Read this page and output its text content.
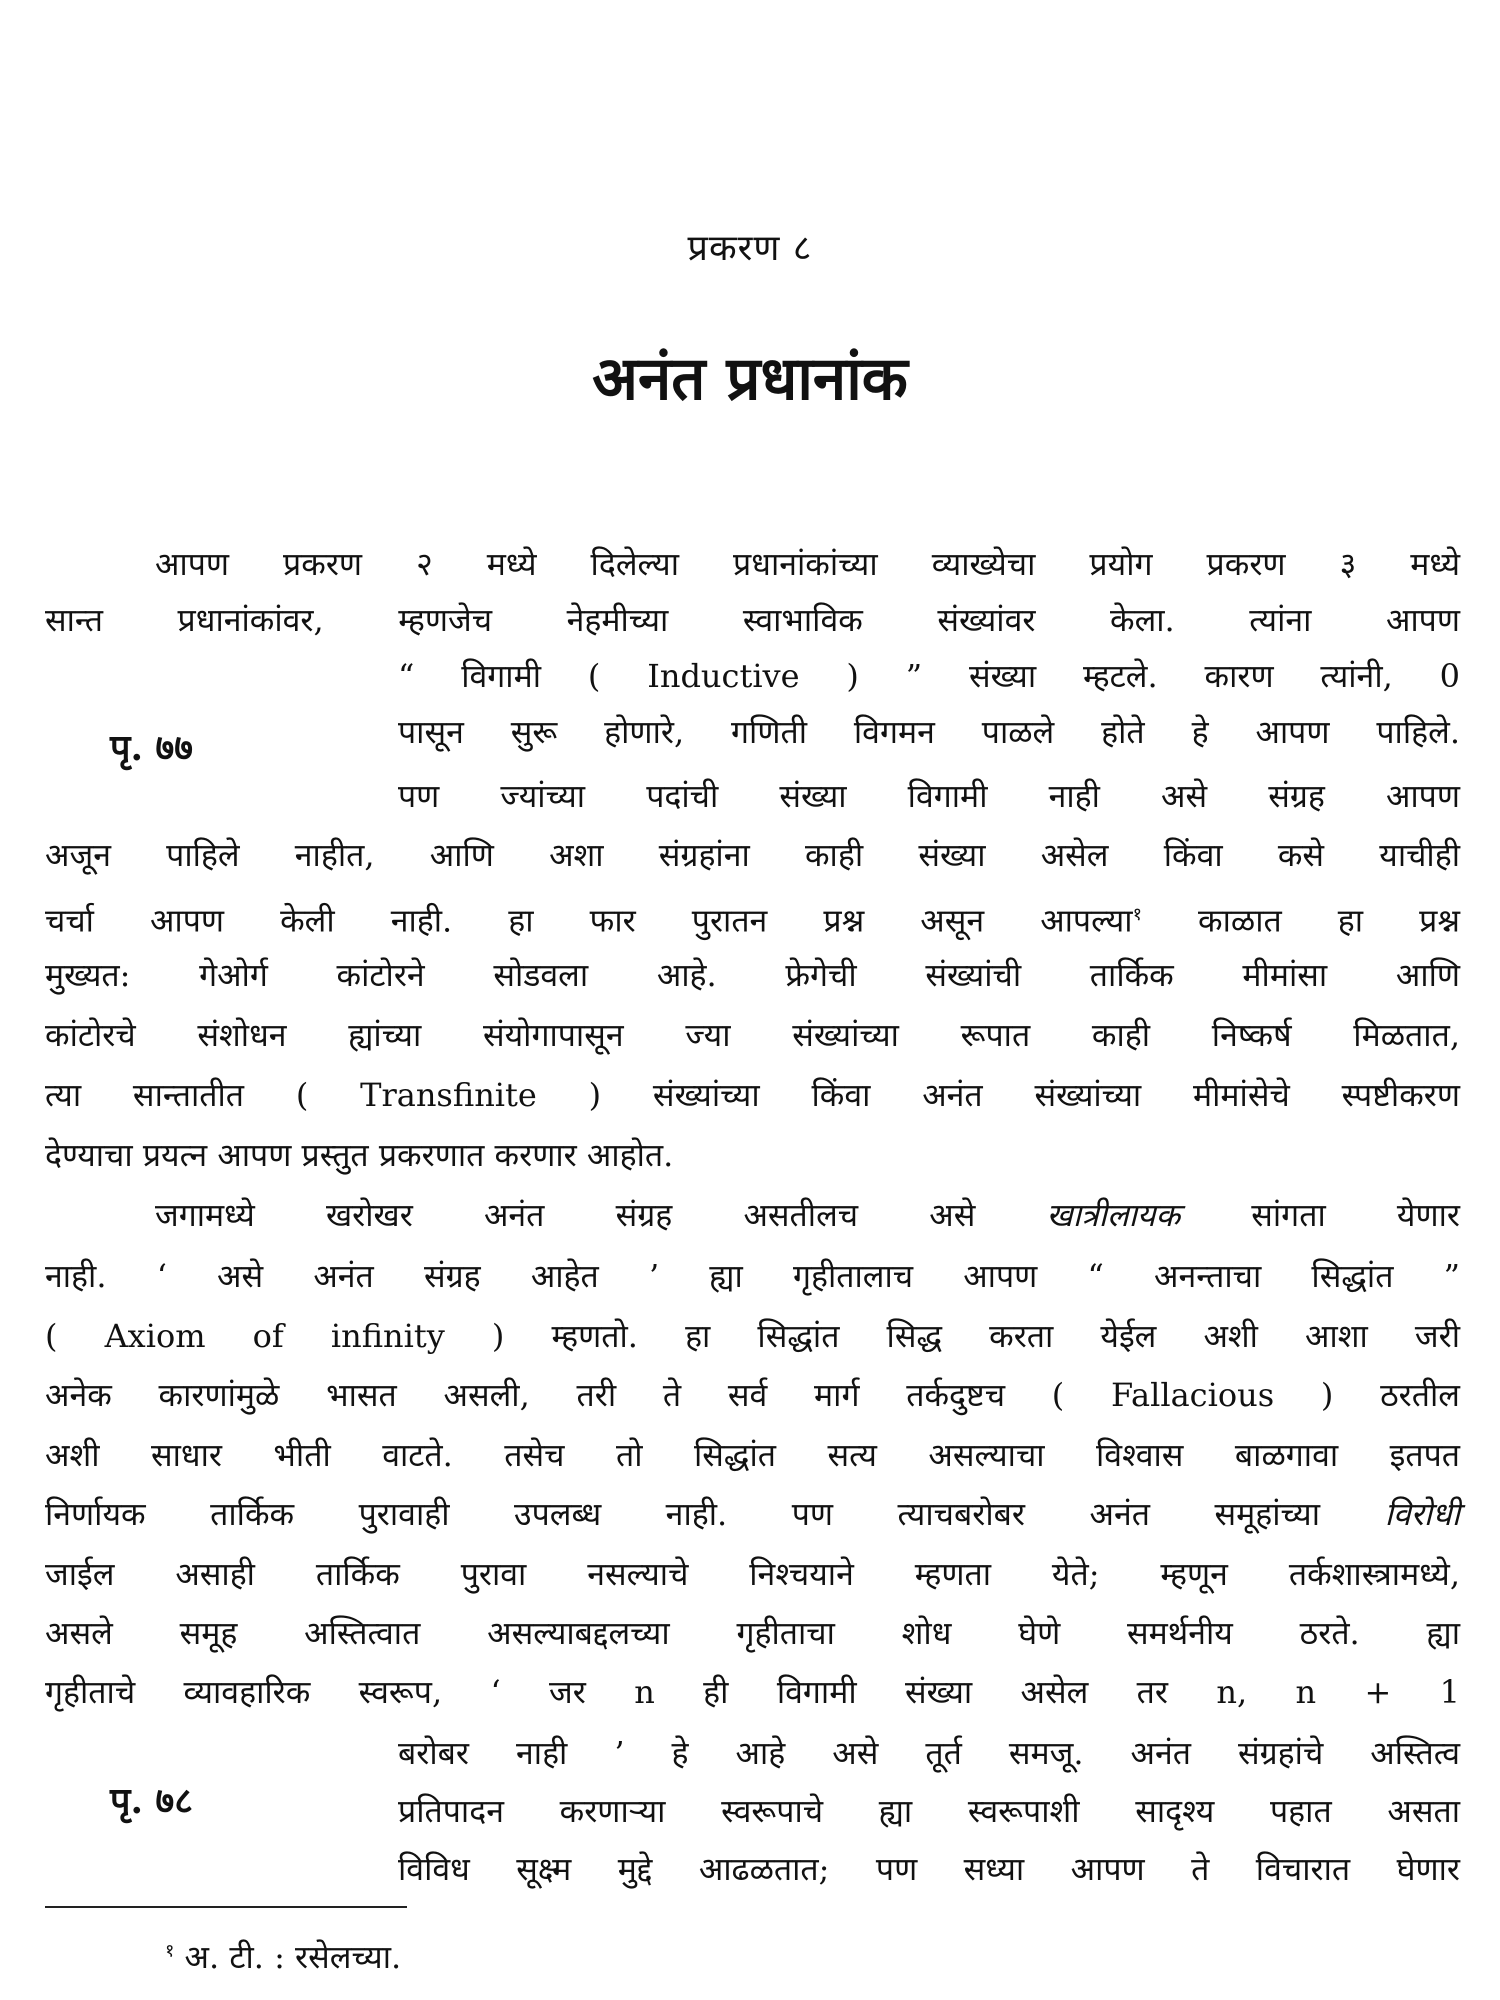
प्रकरण ८
अनंत प्रधानांक
पृ. ७७
पृ. ७८
आपण प्रकरण २ मध्ये दिलेल्या प्रधानांकांच्या व्याख्येचा प्रयोग प्रकरण ३ मध्ये
सान्त प्रधानांकांवर, म्हणजेच नेहमीच्या स्वाभाविक संख्यांवर केला. त्यांना आपण
“ विगामी ( Inductive ) ” संख्या म्हटले. कारण त्यांनी, 0
पासून सुरू होणारे, गणिती विगमन पाळले होते हे आपण पाहिले.
पण ज्यांच्या पदांची संख्या विगामी नाही असे संग्रह आपण
अजून पाहिले नाहीत, आणि अशा संग्रहांना काही संख्या असेल किंवा कसे याचीही
चर्चा आपण केली नाही. हा फार पुरातन प्रश्न असून आपल्या$^१$ काळात हा प्रश्न
मुख्यत: गेओर्ग कांटोरने सोडवला आहे. फ्रेगेची संख्यांची तार्किक मीमांसा आणि
कांटोरचे संशोधन ह्यांच्या संयोगापासून ज्या संख्यांच्या रूपात काही निष्कर्ष मिळतात,
त्या सान्तातीत ( Transfinite ) संख्यांच्या किंवा अनंत संख्यांच्या मीमांसेचे स्पष्टीकरण
देण्याचा प्रयत्न आपण प्रस्तुत प्रकरणात करणार आहोत.
जगामध्ये खरोखर अनंत संग्रह असतीलच असे खात्रीलायक सांगता येणार
नाही. ‘ असे अनंत संग्रह आहेत ’ ह्या गृहीतालाच आपण “ अनन्ताचा सिद्धांत ”
( Axiom of infinity ) म्हणतो. हा सिद्धांत सिद्ध करता येईल अशी आशा जरी
अनेक कारणांमुळे भासत असली, तरी ते सर्व मार्ग तर्कदुष्टच ( Fallacious ) ठरतील
अशी साधार भीती वाटते. तसेच तो सिद्धांत सत्य असल्याचा विश्वास बाळगावा इतपत
निर्णायक तार्किक पुरावाही उपलब्ध नाही. पण त्याचबरोबर अनंत समूहांच्या विरोधी
जाईल असाही तार्किक पुरावा नसल्याचे निश्चयाने म्हणता येते; म्हणून तर्कशास्त्रामध्ये,
असले समूह अस्तित्वात असल्याबद्दलच्या गृहीताचा शोध घेणे समर्थनीय ठरते. ह्या
गृहीताचे व्यावहारिक स्वरूप, ‘ जर n ही विगामी संख्या असेल तर n, n + 1
बरोबर नाही ’ हे आहे असे तूर्त समजू. अनंत संग्रहांचे अस्तित्व
प्रतिपादन करणाऱ्या स्वरूपाचे ह्या स्वरूपाशी सादृश्य पहात असता
विविध सूक्ष्म मुद्दे आढळतात; पण सध्या आपण ते विचारात घेणार
$^१$ अ. टी. : रसेलच्या.
